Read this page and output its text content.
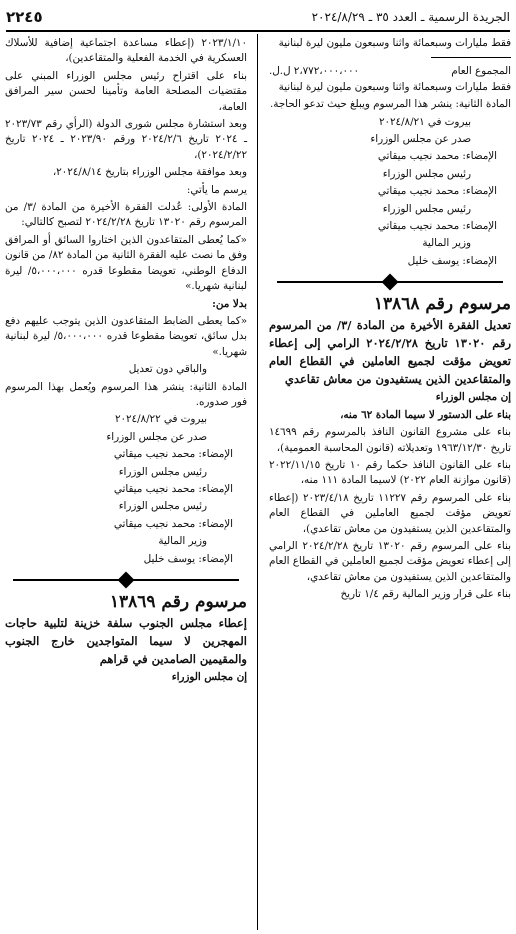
الجريدة الرسمية ـ العدد ٣٥ ـ ٢٠٢٤/٨/٢٩
٢٢٤٥

فقط مليارات وسبعمائة واثنا وسبعون مليون ليرة لبنانية

المجموع العام
٢،٧٧٢،٠٠٠،٠٠٠ ل.ل.

فقط مليارات وسبعمائة واثنا وسبعون مليون ليرة لبنانية

المادة الثانية: ينشر هذا المرسوم ويبلغ حيث تدعو الحاجة.

بيروت في ٢٠٢٤/٨/٢١

صدر عن مجلس الوزراء

الإمضاء: محمد نجيب ميقاتي

رئيس مجلس الوزراء

الإمضاء: محمد نجيب ميقاتي

رئيس مجلس الوزراء

الإمضاء: محمد نجيب ميقاتي

وزير المالية

الإمضاء: يوسف خليل

مرسوم رقم ١٣٨٦٨

تعديل الفقرة الأخيرة من المادة /٣/ من المرسوم رقم ١٣٠٢٠ تاريخ ٢٠٢٤/٢/٢٨ الرامي إلى إعطاء تعويض مؤقت لجميع العاملين في القطاع العام والمتقاعدين الذين يستفيدون من معاش تقاعدي

إن مجلس الوزراء

بناء على الدستور لا سيما المادة ٦٢ منه،

بناء على مشروع القانون النافذ بالمرسوم رقم ١٤٦٩٩ تاريخ ١٩٦٣/١٢/٣٠ وتعديلاته (قانون المحاسبة العمومية)،

بناء على القانون النافذ حكما رقم ١٠ تاريخ ٢٠٢٢/١١/١٥ (قانون موازنة العام ٢٠٢٢) لاسيما المادة ١١١ منه،

بناء على المرسوم رقم ١١٢٢٧ تاريخ ٢٠٢٣/٤/١٨ (إعطاء تعويض مؤقت لجميع العاملين في القطاع العام والمتقاعدين الذين يستفيدون من معاش تقاعدي)،

بناء على المرسوم رقم ١٣٠٢٠ تاريخ ٢٠٢٤/٢/٢٨ الرامي إلى إعطاء تعويض مؤقت لجميع العاملين في القطاع العام والمتقاعدين الذين يستفيدون من معاش تقاعدي،

بناء على قرار وزير المالية رقم ١/٤ تاريخ

٢٠٢٣/١/١٠ (إعطاء مساعدة اجتماعية إضافية للأسلاك العسكرية في الخدمة الفعلية والمتقاعدين)،

بناء على اقتراح رئيس مجلس الوزراء المبني على مقتضيات المصلحة العامة وتأمينا لحسن سير المرافق العامة،

وبعد استشارة مجلس شورى الدولة (الرأي رقم ٢٠٢٣/٧٣ ـ ٢٠٢٤ تاريخ ٢٠٢٤/٢/٦ ورقم ٢٠٢٣/٩٠ ـ ٢٠٢٤ تاريخ ٢٠٢٤/٢/٢٢)،

وبعد موافقة مجلس الوزراء بتاريخ ٢٠٢٤/٨/١٤،

يرسم ما يأتي:

المادة الأولى: عُدلت الفقرة الأخيرة من المادة /٣/ من المرسوم رقم ١٣٠٢٠ تاريخ ٢٠٢٤/٢/٢٨ لتصبح كالتالي:

«كما يُعطى المتقاعدون الذين اختاروا السائق أو المرافق وفق ما نصت عليه الفقرة الثانية من المادة ٨٢/ من قانون الدفاع الوطني، تعويضا مقطوعا قدره ٥،٠٠٠،٠٠٠/ ليرة لبنانية شهريا.»

بدلا من:

«كما يعطى الضابط المتقاعدون الذين يتوجب عليهم دفع بدل سائق، تعويضا مقطوعا قدره ٥،٠٠٠،٠٠٠/ ليرة لبنانية شهريا.»

والباقي دون تعديل

المادة الثانية: ينشر هذا المرسوم ويُعمل بهذا المرسوم فور صدوره.

بيروت في ٢٠٢٤/٨/٢٢

صدر عن مجلس الوزراء

الإمضاء: محمد نجيب ميقاتي

رئيس مجلس الوزراء

الإمضاء: محمد نجيب ميقاتي

رئيس مجلس الوزراء

الإمضاء: محمد نجيب ميقاتي

وزير المالية

الإمضاء: يوسف خليل

مرسوم رقم ١٣٨٦٩

إعطاء مجلس الجنوب سلفة خزينة لتلبية حاجات المهجرين لا سيما المتواجدين خارج الجنوب والمقيمين الصامدين في قراهم

إن مجلس الوزراء
